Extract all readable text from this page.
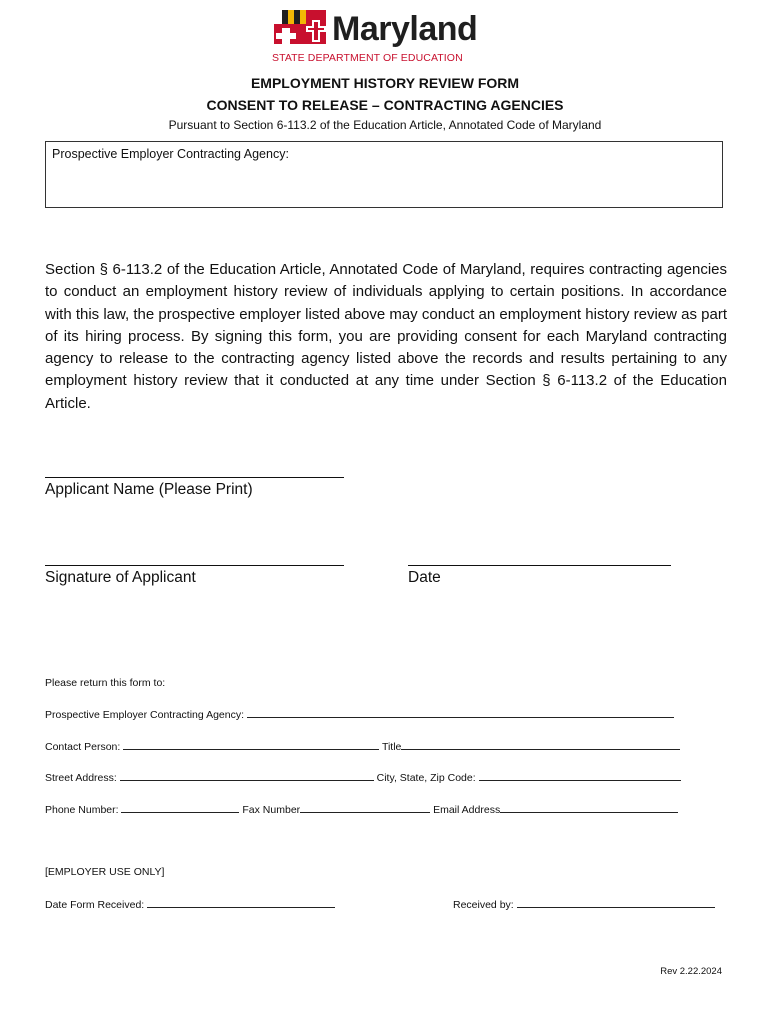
Maryland
STATE DEPARTMENT OF EDUCATION
EMPLOYMENT HISTORY REVIEW FORM
CONSENT TO RELEASE – CONTRACTING AGENCIES
Pursuant to Section 6-113.2 of the Education Article, Annotated Code of Maryland
Prospective Employer Contracting Agency:
Section § 6-113.2 of the Education Article, Annotated Code of Maryland, requires contracting agencies to conduct an employment history review of individuals applying to certain positions. In accordance with this law, the prospective employer listed above may conduct an employment history review as part of its hiring process. By signing this form, you are providing consent for each Maryland contracting agency to release to the contracting agency listed above the records and results pertaining to any employment history review that it conducted at any time under Section § 6-113.2 of the Education Article.
Applicant Name (Please Print)
Signature of Applicant	Date
Please return this form to:
Prospective Employer Contracting Agency:
Contact Person:	Title
Street Address:	City, State, Zip Code:
Phone Number:	Fax Number	Email Address
[EMPLOYER USE ONLY]
Date Form Received:	Received by:
Rev 2.22.2024
